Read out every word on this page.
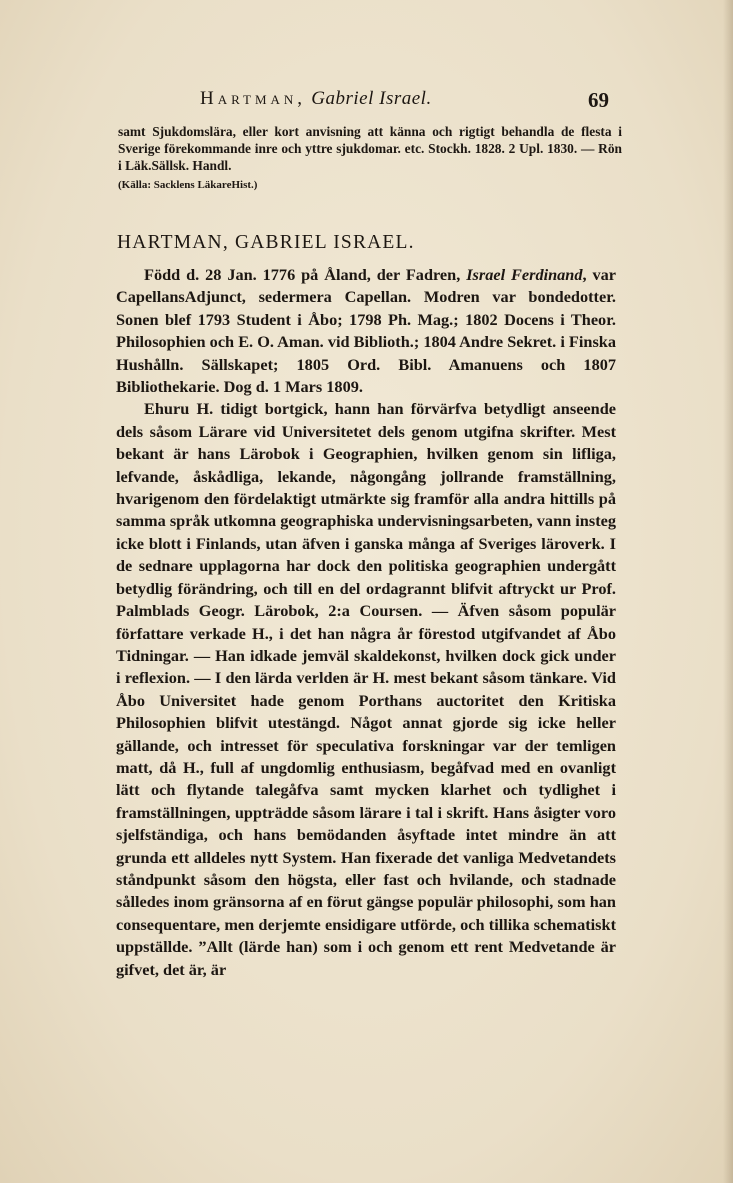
Hartman, Gabriel Israel.	69

samt Sjukdomslära, eller kort anvisning att känna och rigtigt behandla de flesta i Sverige förekommande inre och yttre sjukdomar. etc. Stockh. 1828. 2 Upl. 1830. — Rön i Läk.Sällsk. Handl.

(Källa: Sacklens LäkareHist.)

HARTMAN, GABRIEL ISRAEL.

Född d. 28 Jan. 1776 på Åland, der Fadren, Israel Ferdinand, var CapellansAdjunct, sedermera Capellan. Modren var bondedotter. Sonen blef 1793 Student i Åbo; 1798 Ph. Mag.; 1802 Docens i Theor. Philosophien och E. O. Aman. vid Biblioth.; 1804 Andre Sekret. i Finska Hushålln. Sällskapet; 1805 Ord. Bibl. Amanuens och 1807 Bibliothekarie. Dog d. 1 Mars 1809.

Ehuru H. tidigt bortgick, hann han förvärfva betydligt anseende dels såsom Lärare vid Universitetet dels genom utgifna skrifter. Mest bekant är hans Lärobok i Geographien, hvilken genom sin lifliga, lefvande, åskådliga, lekande, någongång jollrande framställning, hvarigenom den fördelaktigt utmärkte sig framför alla andra hittills på samma språk utkomna geographiska undervisningsarbeten, vann insteg icke blott i Finlands, utan äfven i ganska många af Sveriges läroverk. I de sednare upplagorna har dock den politiska geographien undergått betydlig förändring, och till en del ordagrannt blifvit aftryckt ur Prof. Palmblads Geogr. Lärobok, 2:a Coursen. — Äfven såsom populär författare verkade H., i det han några år förestod utgifvandet af Åbo Tidningar. — Han idkade jemväl skaldekonst, hvilken dock gick under i reflexion. — I den lärda verlden är H. mest bekant såsom tänkare. Vid Åbo Universitet hade genom Porthans auctoritet den Kritiska Philosophien blifvit utestängd. Något annat gjorde sig icke heller gällande, och intresset för speculativa forskningar var der temligen matt, då H., full af ungdomlig enthusiasm, begåfvad med en ovanligt lätt och flytande talegåfva samt mycken klarhet och tydlighet i framställningen, uppträdde såsom lärare i tal i skrift. Hans åsigter voro sjelfständiga, och hans bemödanden åsyftade intet mindre än att grunda ett alldeles nytt System. Han fixerade det vanliga Medvetandets ståndpunkt såsom den högsta, eller fast och hvilande, och stadnade sålledes inom gränsorna af en förut gängse populär philosophi, som han consequentare, men derjemte ensidigare utförde, och tillika schematiskt uppställde. ”Allt (lärde han) som i och genom ett rent Medvetande är gifvet, det är, är
